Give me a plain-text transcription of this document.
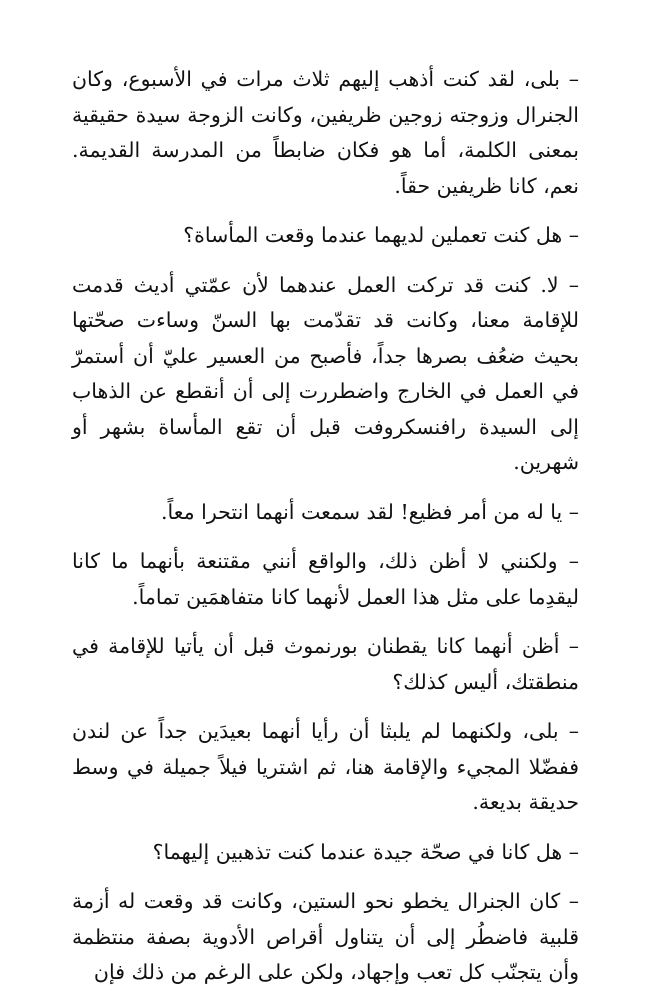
– بلى، لقد كنت أذهب إليهم ثلاث مرات في الأسبوع، وكان الجنرال وزوجته زوجين ظريفين، وكانت الزوجة سيدة حقيقية بمعنى الكلمة، أما هو فكان ضابطاً من المدرسة القديمة. نعم، كانا ظريفين حقاً.

– هل كنت تعملين لديهما عندما وقعت المأساة؟

– لا. كنت قد تركت العمل عندهما لأن عمّتي أديث قدمت للإقامة معنا، وكانت قد تقدّمت بها السنّ وساءت صحّتها بحيث ضعُف بصرها جداً، فأصبح من العسير عليّ أن أستمرّ في العمل في الخارج واضطررت إلى أن أنقطع عن الذهاب إلى السيدة رافنسكروفت قبل أن تقع المأساة بشهر أو شهرين.

– يا له من أمر فظيع! لقد سمعت أنهما انتحرا معاً.

– ولكنني لا أظن ذلك، والواقع أنني مقتنعة بأنهما ما كانا ليقدِما على مثل هذا العمل لأنهما كانا متفاهمَين تماماً.

– أظن أنهما كانا يقطنان بورنموث قبل أن يأتيا للإقامة في منطقتك، أليس كذلك؟

– بلى، ولكنهما لم يلبثا أن رأيا أنهما بعيدَين جداً عن لندن ففضّلا المجيء والإقامة هنا، ثم اشتريا فيلاً جميلة في وسط حديقة بديعة.

– هل كانا في صحّة جيدة عندما كنت تذهبين إليهما؟

– كان الجنرال يخطو نحو الستين، وكانت قد وقعت له أزمة قلبية فاضطُر إلى أن يتناول أقراص الأدوية بصفة منتظمة وأن يتجنّب كل تعب وإجهاد، ولكن على الرغم من ذلك فإن
